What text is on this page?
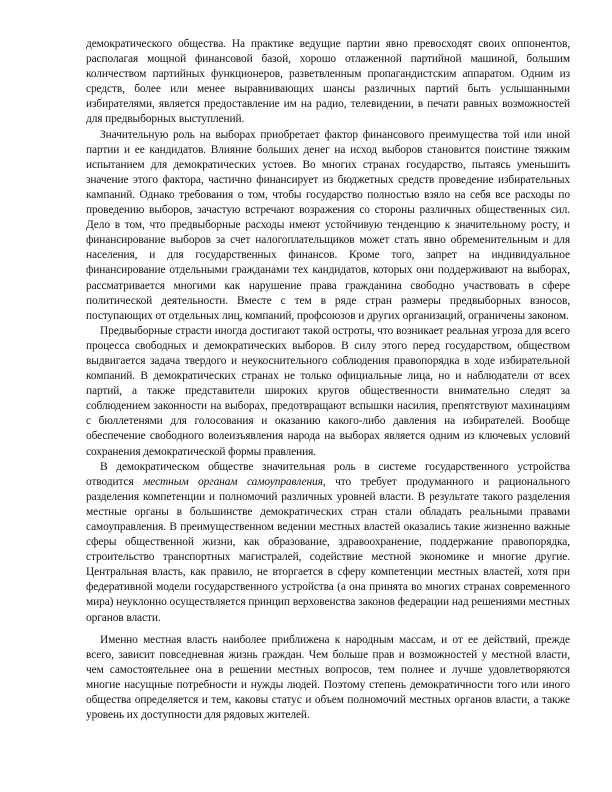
демократического общества. На практике ведущие партии явно превосходят своих оппонентов, располагая мощной финансовой базой, хорошо отлаженной партийной машиной, большим количеством партийных функционеров, разветвленным пропагандистским аппаратом. Одним из средств, более или менее выравнивающих шансы различных партий быть услышанными избирателями, является предоставление им на радио, телевидении, в печати равных возможностей для предвыборных выступлений.

Значительную роль на выборах приобретает фактор финансового преимущества той или иной партии и ее кандидатов. Влияние больших денег на исход выборов становится поистине тяжким испытанием для демократических устоев. Во многих странах государство, пытаясь уменьшить значение этого фактора, частично финансирует из бюджетных средств проведение избирательных кампаний. Однако требования о том, чтобы государство полностью взяло на себя все расходы по проведению выборов, зачастую встречают возражения со стороны различных общественных сил. Дело в том, что предвыборные расходы имеют устойчивую тенденцию к значительному росту, и финансирование выборов за счет налогоплательщиков может стать явно обременительным и для населения, и для государственных финансов. Кроме того, запрет на индивидуальное финансирование отдельными гражданами тех кандидатов, которых они поддерживают на выборах, рассматривается многими как нарушение права гражданина свободно участвовать в сфере политической деятельности. Вместе с тем в ряде стран размеры предвыборных взносов, поступающих от отдельных лиц, компаний, профсоюзов и других организаций, ограничены законом.

Предвыборные страсти иногда достигают такой остроты, что возникает реальная угроза для всего процесса свободных и демократических выборов. В силу этого перед государством, обществом выдвигается задача твердого и неукоснительного соблюдения правопорядка в ходе избирательной компаний. В демократических странах не только официальные лица, но и наблюдатели от всех партий, а также представители широких кругов общественности внимательно следят за соблюдением законности на выборах, предотвращают вспышки насилия, препятствуют махинациям с бюллетенями для голосования и оказанию какого-либо давления на избирателей. Вообще обеспечение свободного волеизъявления народа на выборах является одним из ключевых условий сохранения демократической формы правления.

В демократическом обществе значительная роль в системе государственного устройства отводится местным органам самоуправления, что требует продуманного и рационального разделения компетенции и полномочий различных уровней власти. В результате такого разделения местные органы в большинстве демократических стран стали обладать реальными правами самоуправления. В преимущественном ведении местных властей оказались такие жизненно важные сферы общественной жизни, как образование, здравоохранение, поддержание правопорядка, строительство транспортных магистралей, содействие местной экономике и многие другие. Центральная власть, как правило, не вторгается в сферу компетенции местных властей, хотя при федеративной модели государственного устройства (а она принята во многих странах современного мира) неуклонно осуществляется принцип верховенства законов федерации над решениями местных органов власти.

Именно местная власть наиболее приближена к народным массам, и от ее действий, прежде всего, зависит повседневная жизнь граждан. Чем больше прав и возможностей у местной власти, чем самостоятельнее она в решении местных вопросов, тем полнее и лучше удовлетворяются многие насущные потребности и нужды людей. Поэтому степень демократичности того или иного общества определяется и тем, каковы статус и объем полномочий местных органов власти, а также уровень их доступности для рядовых жителей.
